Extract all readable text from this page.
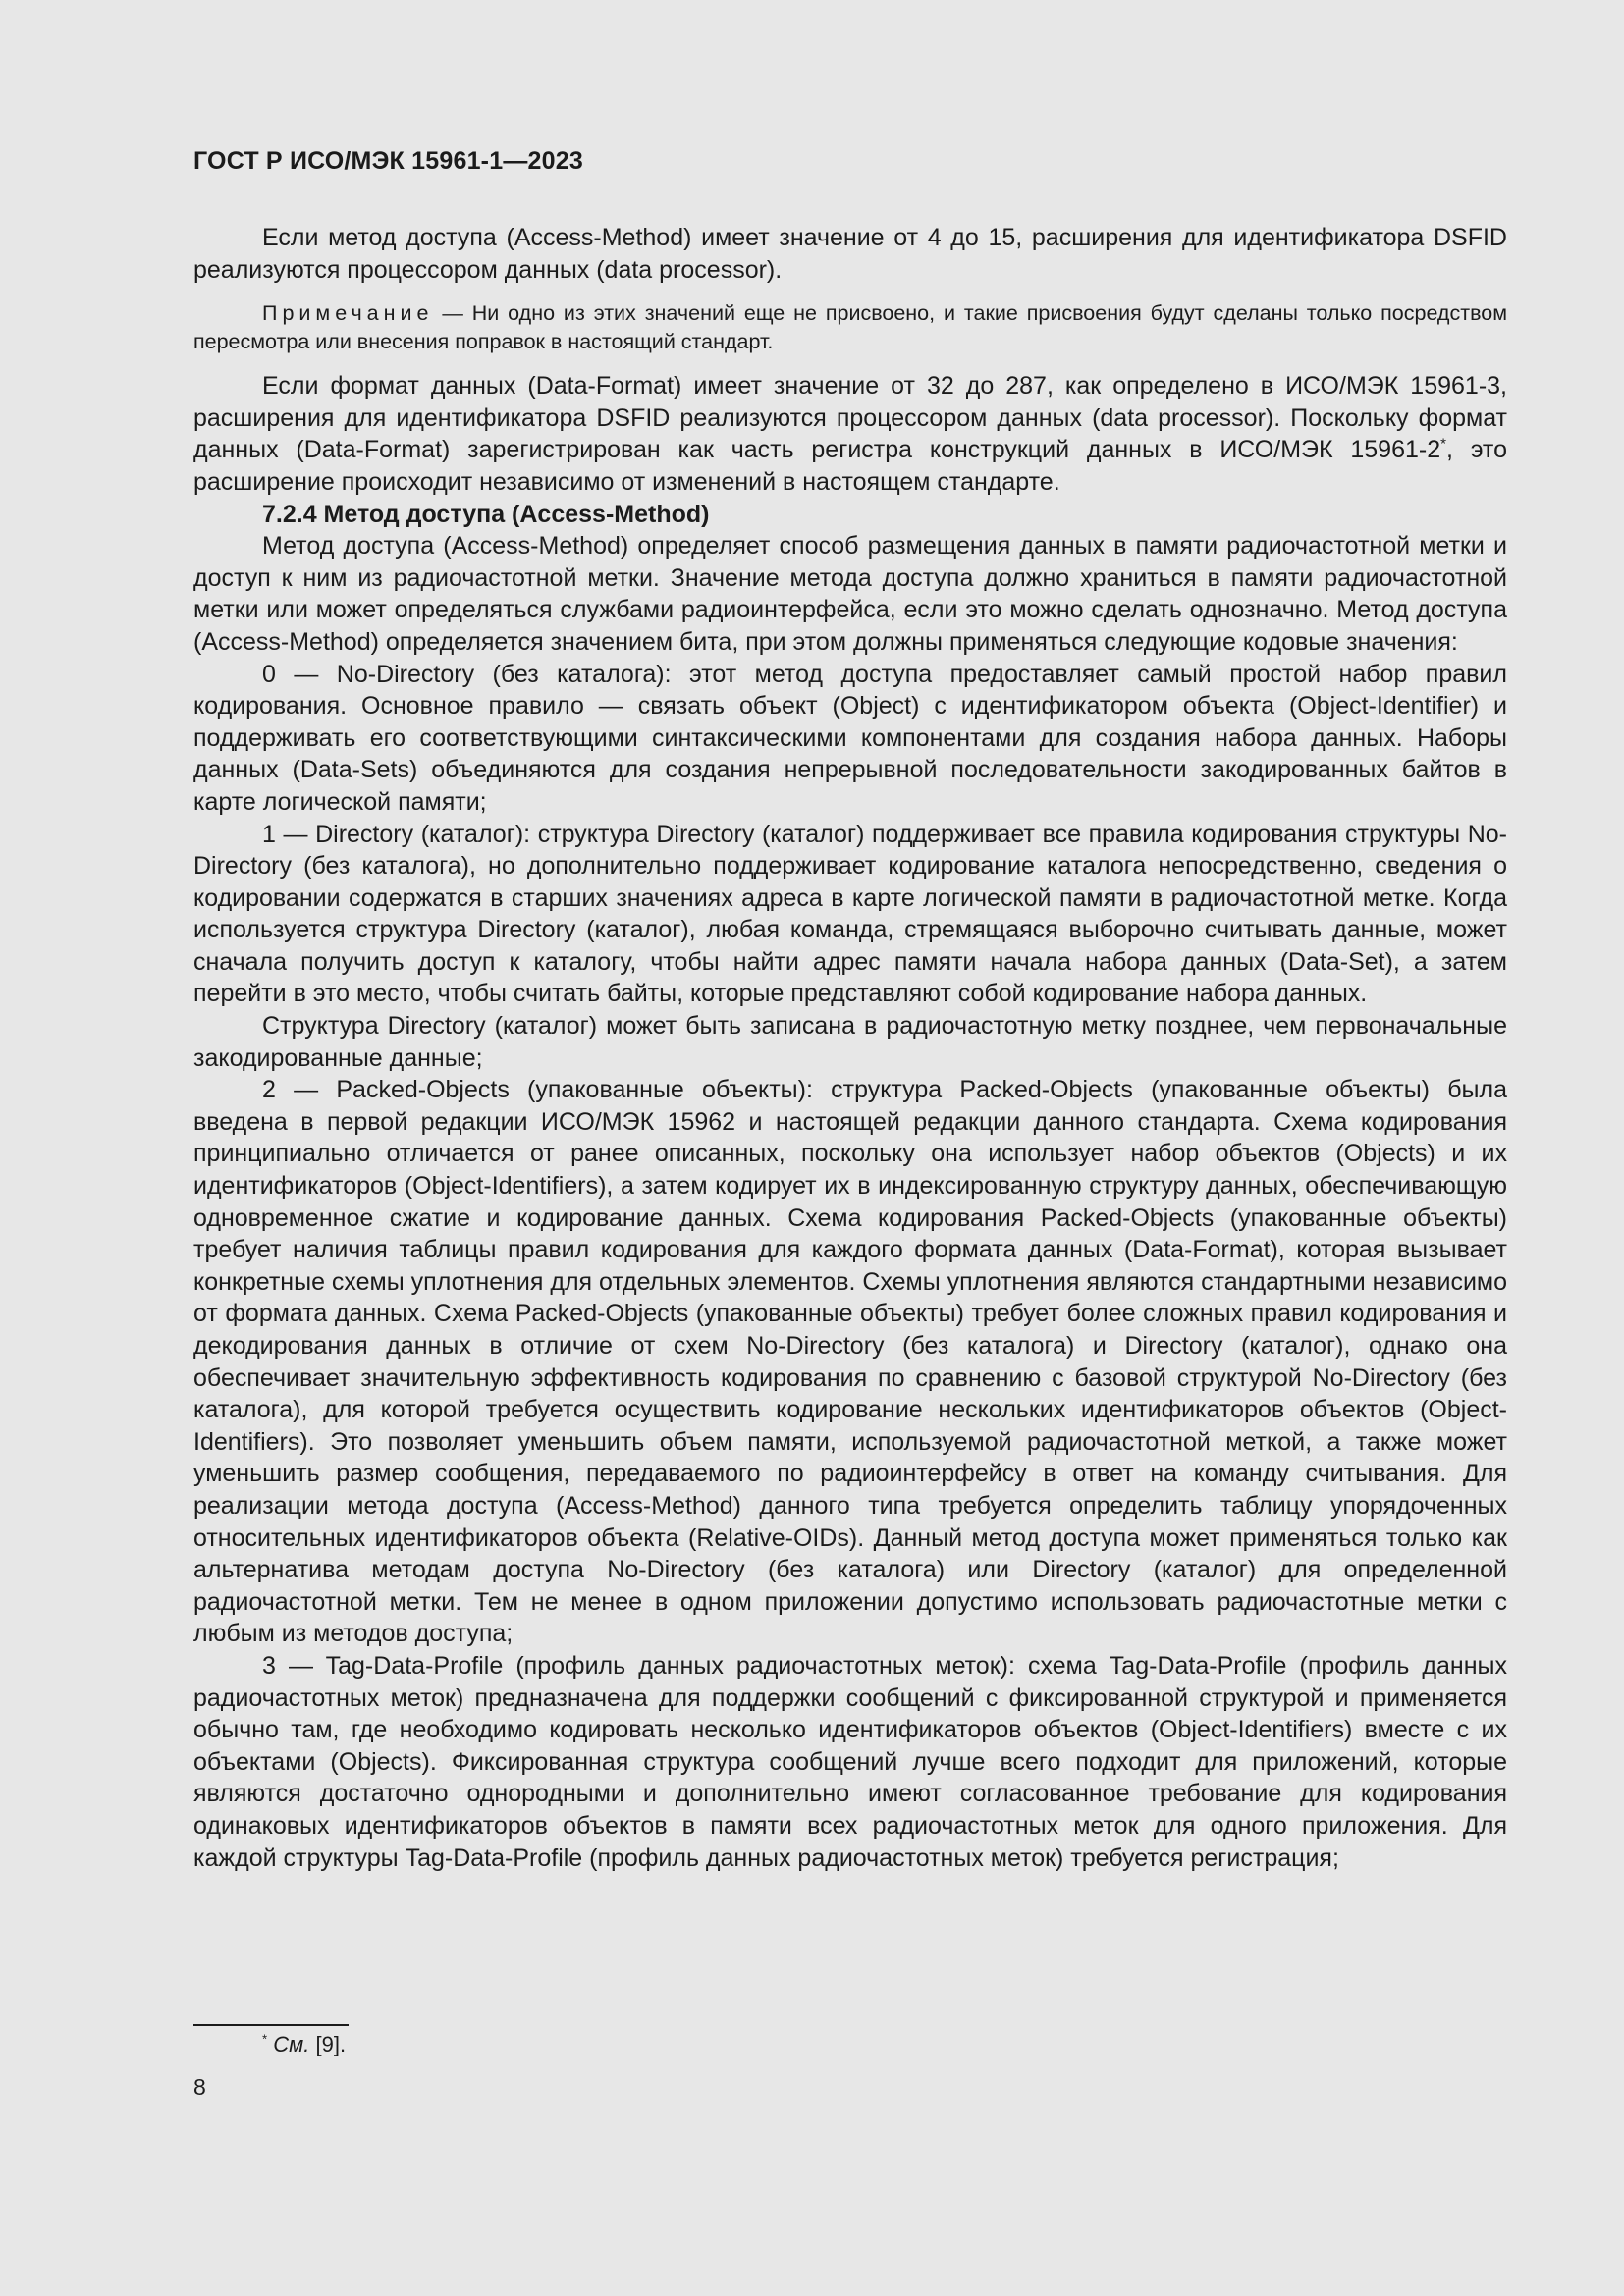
ГОСТ Р ИСО/МЭК 15961-1—2023

Если метод доступа (Access-Method) имеет значение от 4 до 15, расширения для идентификатора DSFID реализуются процессором данных (data processor).

Примечание — Ни одно из этих значений еще не присвоено, и такие присвоения будут сделаны только посредством пересмотра или внесения поправок в настоящий стандарт.

Если формат данных (Data-Format) имеет значение от 32 до 287, как определено в ИСО/МЭК 15961-3, расширения для идентификатора DSFID реализуются процессором данных (data processor). Поскольку формат данных (Data-Format) зарегистрирован как часть регистра конструкций данных в ИСО/МЭК 15961-2*, это расширение происходит независимо от изменений в настоящем стандарте.

7.2.4 Метод доступа (Access-Method)

Метод доступа (Access-Method) определяет способ размещения данных в памяти радиочастотной метки и доступ к ним из радиочастотной метки. Значение метода доступа должно храниться в памяти радиочастотной метки или может определяться службами радиоинтерфейса, если это можно сделать однозначно. Метод доступа (Access-Method) определяется значением бита, при этом должны применяться следующие кодовые значения:

0 — No-Directory (без каталога): этот метод доступа предоставляет самый простой набор правил кодирования. Основное правило — связать объект (Object) с идентификатором объекта (Object-Identifier) и поддерживать его соответствующими синтаксическими компонентами для создания набора данных. Наборы данных (Data-Sets) объединяются для создания непрерывной последовательности закодированных байтов в карте логической памяти;

1 — Directory (каталог): структура Directory (каталог) поддерживает все правила кодирования структуры No-Directory (без каталога), но дополнительно поддерживает кодирование каталога непосредственно, сведения о кодировании содержатся в старших значениях адреса в карте логической памяти в радиочастотной метке. Когда используется структура Directory (каталог), любая команда, стремящаяся выборочно считывать данные, может сначала получить доступ к каталогу, чтобы найти адрес памяти начала набора данных (Data-Set), а затем перейти в это место, чтобы считать байты, которые представляют собой кодирование набора данных.

Структура Directory (каталог) может быть записана в радиочастотную метку позднее, чем первоначальные закодированные данные;

2 — Packed-Objects (упакованные объекты): структура Packed-Objects (упакованные объекты) была введена в первой редакции ИСО/МЭК 15962 и настоящей редакции данного стандарта. Схема кодирования принципиально отличается от ранее описанных, поскольку она использует набор объектов (Objects) и их идентификаторов (Object-Identifiers), а затем кодирует их в индексированную структуру данных, обеспечивающую одновременное сжатие и кодирование данных. Схема кодирования Packed-Objects (упакованные объекты) требует наличия таблицы правил кодирования для каждого формата данных (Data-Format), которая вызывает конкретные схемы уплотнения для отдельных элементов. Схемы уплотнения являются стандартными независимо от формата данных. Схема Packed-Objects (упакованные объекты) требует более сложных правил кодирования и декодирования данных в отличие от схем No-Directory (без каталога) и Directory (каталог), однако она обеспечивает значительную эффективность кодирования по сравнению с базовой структурой No-Directory (без каталога), для которой требуется осуществить кодирование нескольких идентификаторов объектов (Object-Identifiers). Это позволяет уменьшить объем памяти, используемой радиочастотной меткой, а также может уменьшить размер сообщения, передаваемого по радиоинтерфейсу в ответ на команду считывания. Для реализации метода доступа (Access-Method) данного типа требуется определить таблицу упорядоченных относительных идентификаторов объекта (Relative-OIDs). Данный метод доступа может применяться только как альтернатива методам доступа No-Directory (без каталога) или Directory (каталог) для определенной радиочастотной метки. Тем не менее в одном приложении допустимо использовать радиочастотные метки с любым из методов доступа;

3 — Tag-Data-Profile (профиль данных радиочастотных меток): схема Tag-Data-Profile (профиль данных радиочастотных меток) предназначена для поддержки сообщений с фиксированной структурой и применяется обычно там, где необходимо кодировать несколько идентификаторов объектов (Object-Identifiers) вместе с их объектами (Objects). Фиксированная структура сообщений лучше всего подходит для приложений, которые являются достаточно однородными и дополнительно имеют согласованное требование для кодирования одинаковых идентификаторов объектов в памяти всех радиочастотных меток для одного приложения. Для каждой структуры Tag-Data-Profile (профиль данных радиочастотных меток) требуется регистрация;

* См. [9].
8
